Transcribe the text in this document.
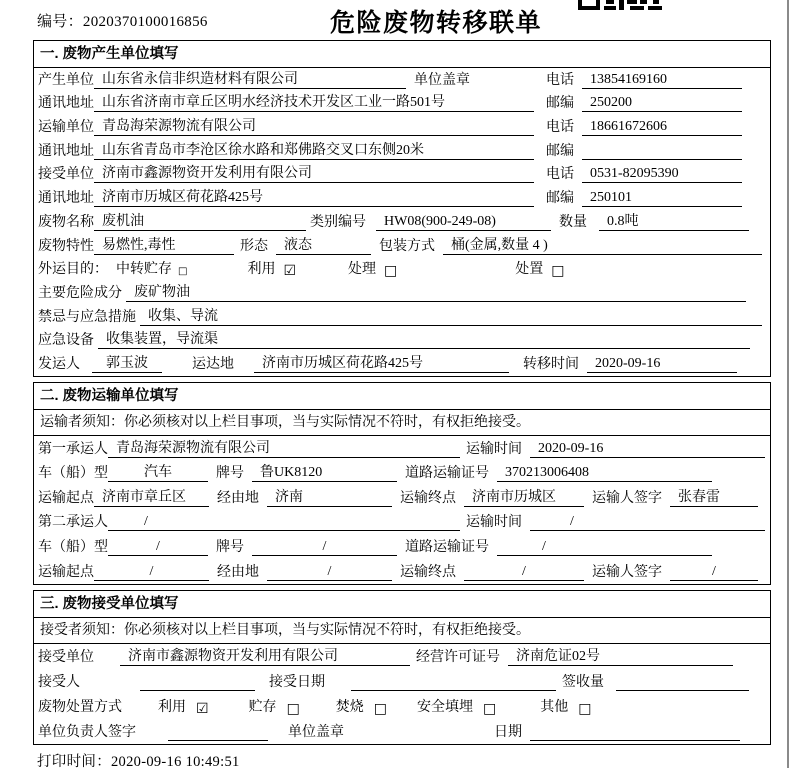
编号：2020370100016856	危险废物转移联单
一. 废物产生单位填写
产生单位 山东省永信非织造材料有限公司	单位盖章	电话	13854169160
通讯地址 山东省济南市章丘区明水经济技术开发区工业一路501号	邮编	250200
运输单位 青岛海荣源物流有限公司	电话	18661672606
通讯地址 山东省青岛市李沧区徐水路和郑佛路交叉口东侧20米	邮编
接受单位 济南市鑫源物资开发利用有限公司	电话	0531-82095390
通讯地址 济南市历城区荷花路425号	邮编	250101
废物名称 废机油	类别编号	HW08(900-249-08)	数量	0.8吨
废物特性 易燃性,毒性	形态	液态	包装方式	桶(金属,数量 4 )
外运目的： 中转贮存 □	利用 ☑	处理 □	处置 □
主要危险成分 废矿物油
禁忌与应急措施 收集、导流
应急设备 收集装置，导流渠
发运人	郭玉波	运达地	济南市历城区荷花路425号	转移时间	2020-09-16
二. 废物运输单位填写
运输者须知：你必须核对以上栏目事项，当与实际情况不符时，有权拒绝接受。
第一承运人 青岛海荣源物流有限公司	运输时间	2020-09-16
车（船）型	汽车	牌号	鲁UK8120	道路运输证号	370213006408
运输起点 济南市章丘区	经由地	济南	运输终点	济南市历城区	运输人签字	张春雷
第二承运人	/	运输时间	/
车（船）型	/	牌号	/	道路运输证号	/
运输起点	/	经由地	/	运输终点	/	运输人签字	/
三. 废物接受单位填写
接受者须知：你必须核对以上栏目事项，当与实际情况不符时，有权拒绝接受。
接受单位	济南市鑫源物资开发利用有限公司	经营许可证号	济南危证02号
接受人	接受日期	签收量
废物处置方式	利用 ☑	贮存 □	焚烧 □ 安全填埋 □	其他 □
单位负责人签字	单位盖章	日期
打印时间：2020-09-16 10:49:51
